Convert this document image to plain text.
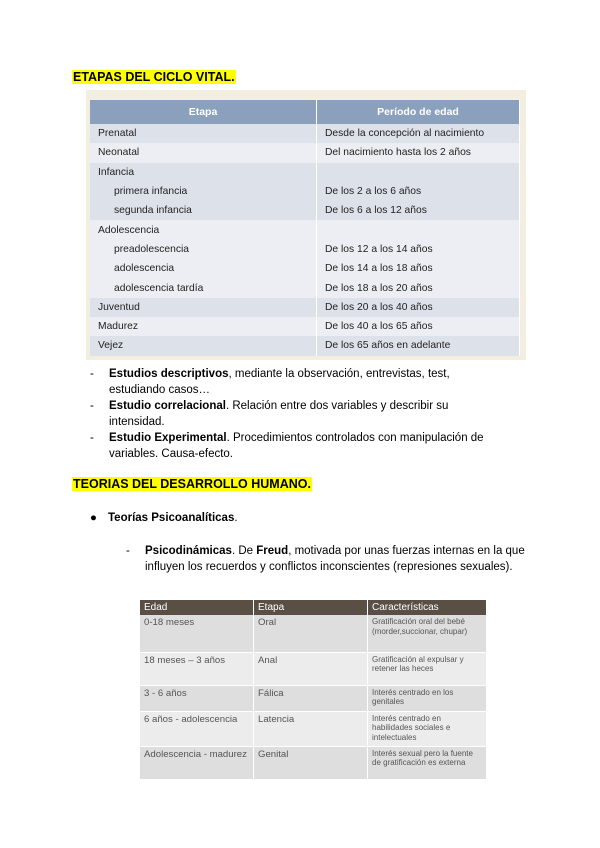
ETAPAS DEL CICLO VITAL.
Etapa	Período de edad
Prenatal	Desde la concepción al nacimiento
Neonatal	Del nacimiento hasta los 2 años
Infancia	
primera infancia	De los 2 a los 6 años
segunda infancia	De los 6 a los 12 años
Adolescencia	
preadolescencia	De los 12 a los 14 años
adolescencia	De los 14 a los 18 años
adolescencia tardía	De los 18 a los 20 años
Juventud	De los 20 a los 40 años
Madurez	De los 40 a los 65 años
Vejez	De los 65 años en adelante
- Estudios descriptivos, mediante la observación, entrevistas, test, estudiando casos…
- Estudio correlacional. Relación entre dos variables y describir su intensidad.
- Estudio Experimental. Procedimientos controlados con manipulación de variables. Causa-efecto.
TEORIAS DEL DESARROLLO HUMANO.
● Teorías Psicoanalíticas.
- Psicodinámicas. De Freud, motivada por unas fuerzas internas en la que influyen los recuerdos y conflictos inconscientes (represiones sexuales).
Edad	Etapa	Características
0-18 meses	Oral	Gratificación oral del bebé (morder,succionar, chupar)
18 meses – 3 años	Anal	Gratificación al expulsar y retener las heces
3 - 6 años	Fálica	Interés centrado en los genitales
6 años - adolescencia	Latencia	Interés centrado en habilidades sociales e intelectuales
Adolescencia - madurez	Genital	Interés sexual pero la fuente de gratificación es externa
